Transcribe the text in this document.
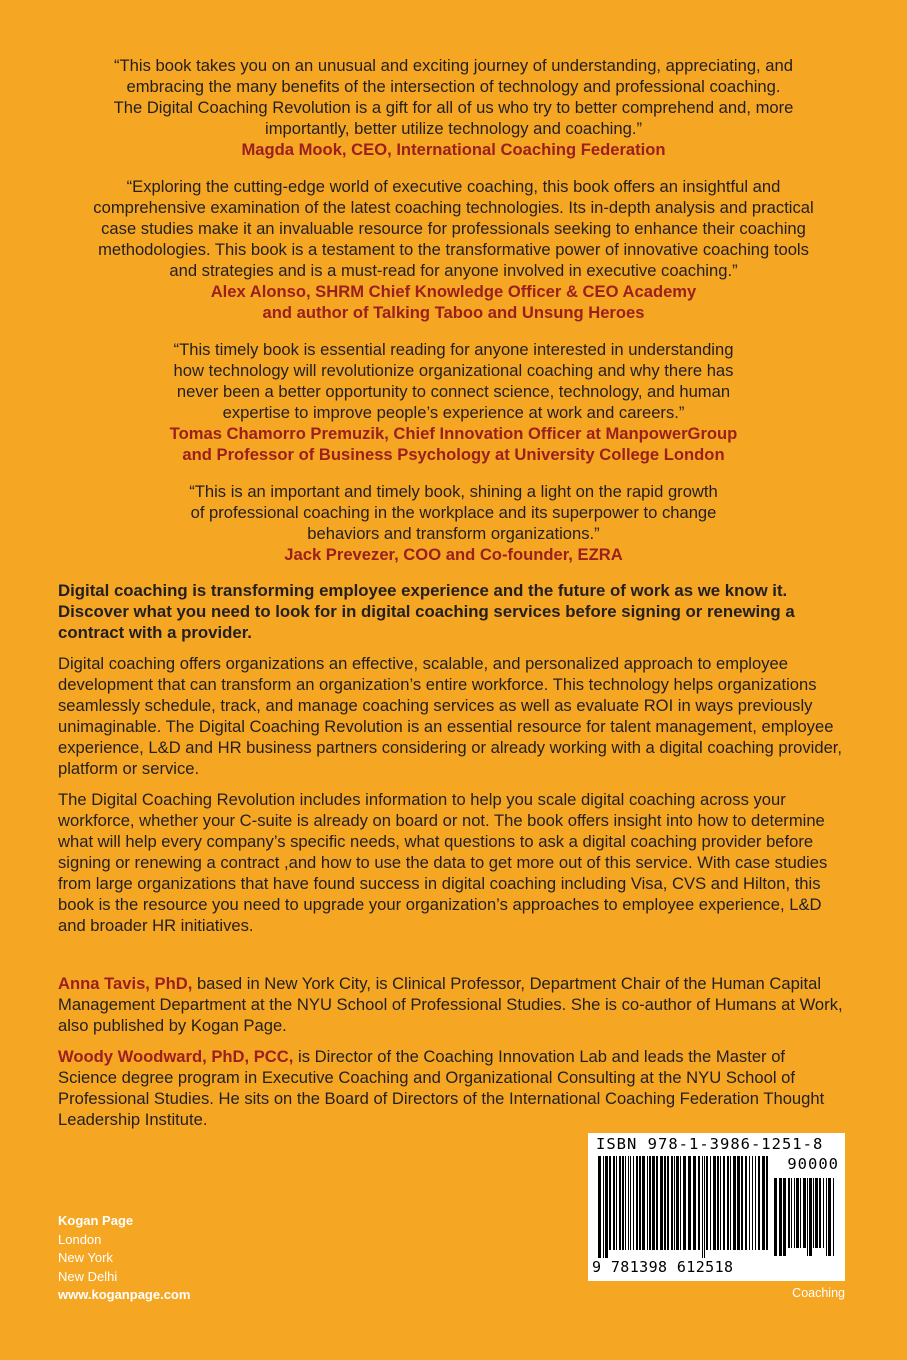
“This book takes you on an unusual and exciting journey of understanding, appreciating, and

embracing the many benefits of the intersection of technology and professional coaching.

The Digital Coaching Revolution is a gift for all of us who try to better comprehend and, more

importantly, better utilize technology and coaching.”

Magda Mook, CEO, International Coaching Federation

“Exploring the cutting-edge world of executive coaching, this book offers an insightful and

comprehensive examination of the latest coaching technologies. Its in-depth analysis and practical

case studies make it an invaluable resource for professionals seeking to enhance their coaching

methodologies. This book is a testament to the transformative power of innovative coaching tools

and strategies and is a must-read for anyone involved in executive coaching.”

Alex Alonso, SHRM Chief Knowledge Officer & CEO Academy
and author of Talking Taboo and Unsung Heroes

“This timely book is essential reading for anyone interested in understanding

how technology will revolutionize organizational coaching and why there has

never been a better opportunity to connect science, technology, and human

expertise to improve people’s experience at work and careers.”

Tomas Chamorro Premuzik, Chief Innovation Officer at ManpowerGroup
and Professor of Business Psychology at University College London

“This is an important and timely book, shining a light on the rapid growth

of professional coaching in the workplace and its superpower to change

behaviors and transform organizations.”

Jack Prevezer, COO and Co-founder, EZRA

Digital coaching is transforming employee experience and the future of work as we know it. Discover what you need to look for in digital coaching services before signing or renewing a contract with a provider.

Digital coaching offers organizations an effective, scalable, and personalized approach to employee development that can transform an organization’s entire workforce. This technology helps organizations seamlessly schedule, track, and manage coaching services as well as evaluate ROI in ways previously unimaginable. The Digital Coaching Revolution is an essential resource for talent management, employee experience, L&D and HR business partners considering or already working with a digital coaching provider, platform or service.

The Digital Coaching Revolution includes information to help you scale digital coaching across your workforce, whether your C-suite is already on board or not. The book offers insight into how to determine what will help every company’s specific needs, what questions to ask a digital coaching provider before signing or renewing a contract ,and how to use the data to get more out of this service. With case studies from large organizations that have found success in digital coaching including Visa, CVS and Hilton, this book is the resource you need to upgrade your organization’s approaches to employee experience, L&D and broader HR initiatives.

Anna Tavis, PhD, based in New York City, is Clinical Professor, Department Chair of the Human Capital Management Department at the NYU School of Professional Studies. She is co-author of Humans at Work, also published by Kogan Page.

Woody Woodward, PhD, PCC, is Director of the Coaching Innovation Lab and leads the Master of Science degree program in Executive Coaching and Organizational Consulting at the NYU School of Professional Studies. He sits on the Board of Directors of the International Coaching Federation Thought Leadership Institute.

Kogan Page
London
New York
New Delhi
www.koganpage.com
ISBN 978-1-3986-1251-8
90000
9 781398 612518
Coaching
